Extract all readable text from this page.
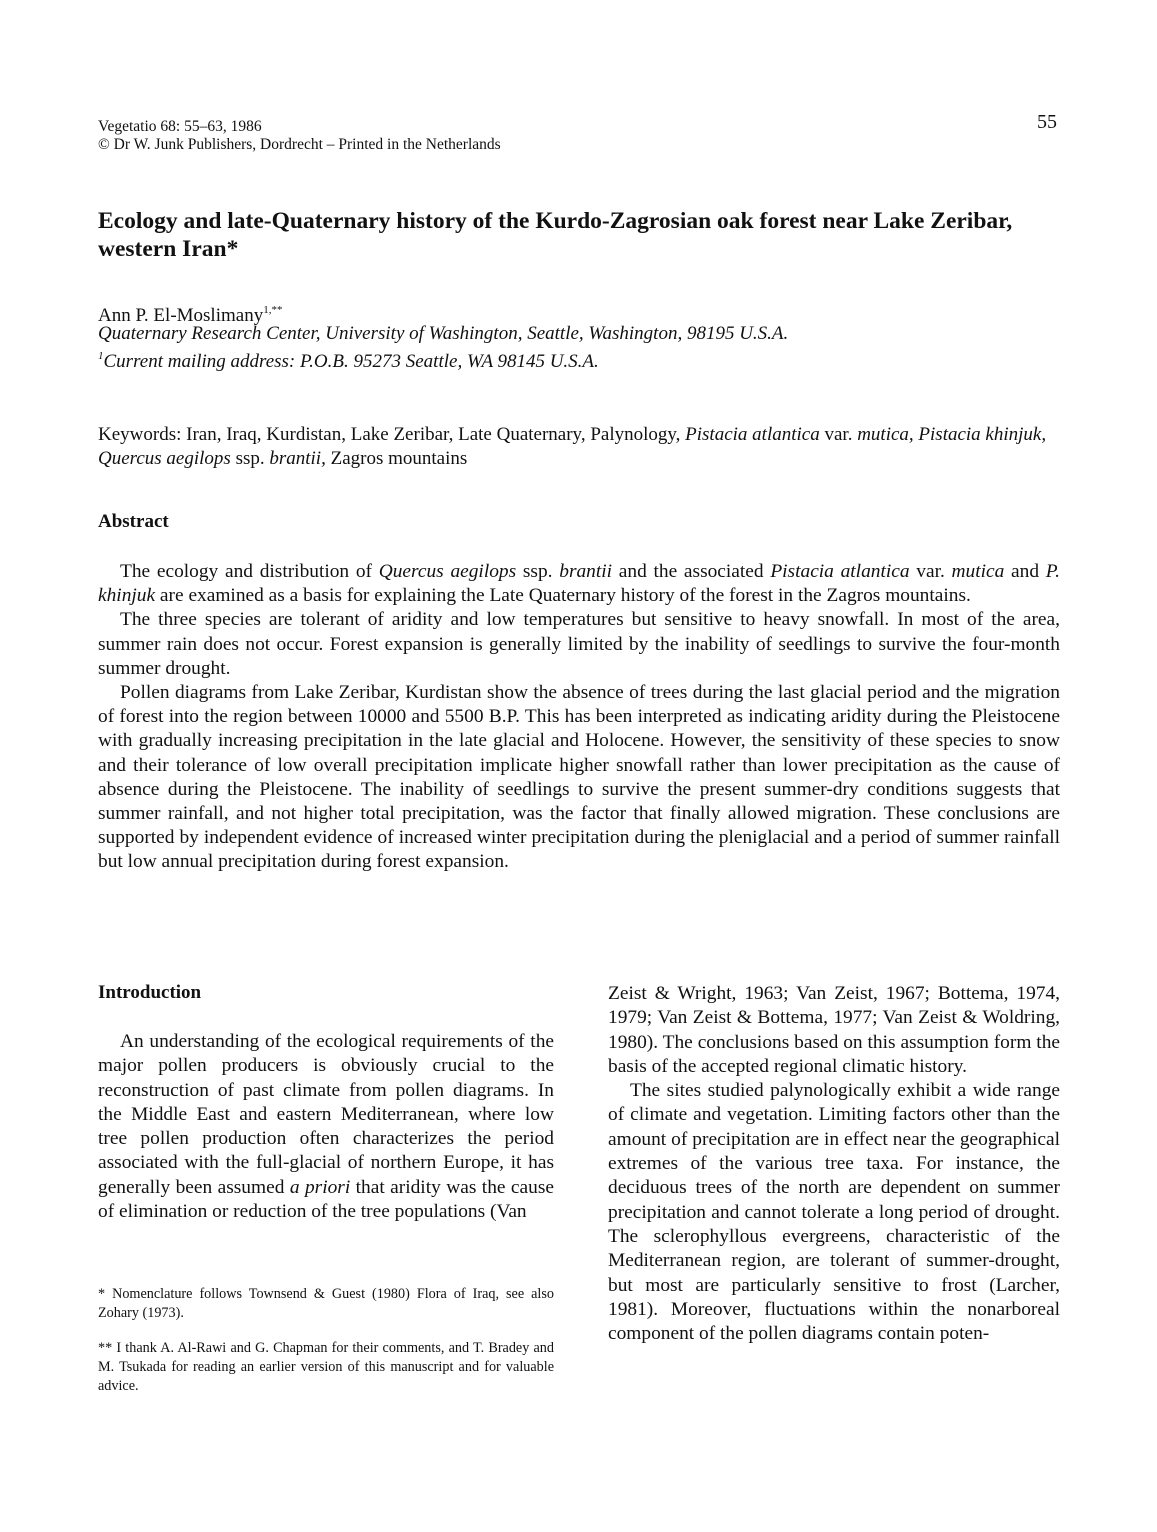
Vegetatio 68: 55–63, 1986
© Dr W. Junk Publishers, Dordrecht – Printed in the Netherlands
55
Ecology and late-Quaternary history of the Kurdo-Zagrosian oak forest near Lake Zeribar, western Iran*
Ann P. El-Moslimany$^{1,**}$
Quaternary Research Center, University of Washington, Seattle, Washington, 98195 U.S.A.
$^1$Current mailing address: P.O.B. 95273 Seattle, WA 98145 U.S.A.
Keywords: Iran, Iraq, Kurdistan, Lake Zeribar, Late Quaternary, Palynology, Pistacia atlantica var. mutica, Pistacia khinjuk, Quercus aegilops ssp. brantii, Zagros mountains
Abstract

The ecology and distribution of Quercus aegilops ssp. brantii and the associated Pistacia atlantica var. mutica and P. khinjuk are examined as a basis for explaining the Late Quaternary history of the forest in the Zagros mountains.

The three species are tolerant of aridity and low temperatures but sensitive to heavy snowfall. In most of the area, summer rain does not occur. Forest expansion is generally limited by the inability of seedlings to survive the four-month summer drought.

Pollen diagrams from Lake Zeribar, Kurdistan show the absence of trees during the last glacial period and the migration of forest into the region between 10000 and 5500 B.P. This has been interpreted as indicating aridity during the Pleistocene with gradually increasing precipitation in the late glacial and Holocene. However, the sensitivity of these species to snow and their tolerance of low overall precipitation implicate higher snowfall rather than lower precipitation as the cause of absence during the Pleistocene. The inability of seedlings to survive the present summer-dry conditions suggests that summer rainfall, and not higher total precipitation, was the factor that finally allowed migration. These conclusions are supported by independent evidence of increased winter precipitation during the pleniglacial and a period of summer rainfall but low annual precipitation during forest expansion.

Introduction

An understanding of the ecological requirements of the major pollen producers is obviously crucial to the reconstruction of past climate from pollen diagrams. In the Middle East and eastern Mediterranean, where low tree pollen production often characterizes the period associated with the full-glacial of northern Europe, it has generally been assumed a priori that aridity was the cause of elimination or reduction of the tree populations (Van

* Nomenclature follows Townsend & Guest (1980) Flora of Iraq, see also Zohary (1973).
** I thank A. Al-Rawi and G. Chapman for their comments, and T. Bradey and M. Tsukada for reading an earlier version of this manuscript and for valuable advice.

Zeist & Wright, 1963; Van Zeist, 1967; Bottema, 1974, 1979; Van Zeist & Bottema, 1977; Van Zeist & Woldring, 1980). The conclusions based on this assumption form the basis of the accepted regional climatic history.

The sites studied palynologically exhibit a wide range of climate and vegetation. Limiting factors other than the amount of precipitation are in effect near the geographical extremes of the various tree taxa. For instance, the deciduous trees of the north are dependent on summer precipitation and cannot tolerate a long period of drought. The sclerophyllous evergreens, characteristic of the Mediterranean region, are tolerant of summer-drought, but most are particularly sensitive to frost (Larcher, 1981). Moreover, fluctuations within the nonarboreal component of the pollen diagrams contain poten-
